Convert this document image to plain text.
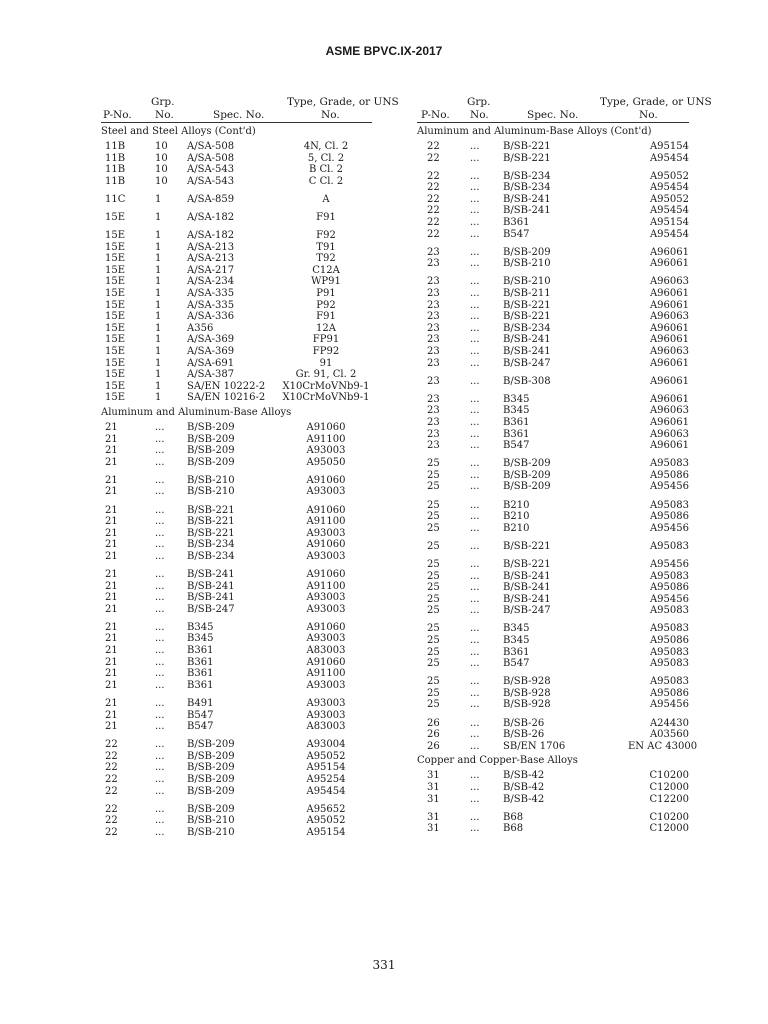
ASME BPVC.IX-2017
Grp.	Type, Grade, or UNS
P-No. No.	Spec. No.	No.
Steel and Steel Alloys (Cont'd)
11B	10 A/SA-508	4N, Cl. 2
11B	10 A/SA-508	5, Cl. 2
11B	10 A/SA-543	B Cl. 2
11B	10 A/SA-543	C Cl. 2
11C	1	A/SA-859	A
15E	1	A/SA-182	F91
15E	1	A/SA-182	F92
15E	1	A/SA-213	T91
15E	1	A/SA-213	T92
15E	1	A/SA-217	C12A
15E	1	A/SA-234	WP91
15E	1	A/SA-335	P91
15E	1	A/SA-335	P92
15E	1	A/SA-336	F91
15E	1	A356	12A
15E	1	A/SA-369	FP91
15E	1	A/SA-369	FP92
15E	1	A/SA-691	91
15E	1	A/SA-387	Gr. 91, Cl. 2
15E	1	SA/EN 10222-2	X10CrMoVNb9-1
15E	1	SA/EN 10216-2	X10CrMoVNb9-1
Aluminum and Aluminum-Base Alloys
21	... B/SB-209	A91060
21	... B/SB-209	A91100
21	... B/SB-209	A93003
21	... B/SB-209	A95050
21	... B/SB-210	A91060
21	... B/SB-210	A93003
21	... B/SB-221	A91060
21	... B/SB-221	A91100
21	... B/SB-221	A93003
21	... B/SB-234	A91060
21	... B/SB-234	A93003
21	... B/SB-241	A91060
21	... B/SB-241	A91100
21	... B/SB-241	A93003
21	... B/SB-247	A93003
21	... B345	A91060
21	... B345	A93003
21	... B361	A83003
21	... B361	A91060
21	... B361	A91100
21	... B361	A93003
21	... B491	A93003
21	... B547	A93003
21	... B547	A83003
22	... B/SB-209	A93004
22	... B/SB-209	A95052
22	... B/SB-209	A95154
22	... B/SB-209	A95254
22	... B/SB-209	A95454
22	... B/SB-209	A95652
22	... B/SB-210	A95052
22	... B/SB-210	A95154
Grp.	Type, Grade, or UNS
P-No. No.	Spec. No.	No.
Aluminum and Aluminum-Base Alloys (Cont'd)
22	... B/SB-221	A95154
22	... B/SB-221	A95454
22	... B/SB-234	A95052
22	... B/SB-234	A95454
22	... B/SB-241	A95052
22	... B/SB-241	A95454
22	... B361	A95154
22	... B547	A95454
23	... B/SB-209	A96061
23	... B/SB-210	A96061
23	... B/SB-210	A96063
23	... B/SB-211	A96061
23	... B/SB-221	A96061
23	... B/SB-221	A96063
23	... B/SB-234	A96061
23	... B/SB-241	A96061
23	... B/SB-241	A96063
23	... B/SB-247	A96061
23	... B/SB-308	A96061
23	... B345	A96061
23	... B345	A96063
23	... B361	A96061
23	... B361	A96063
23	... B547	A96061
25	... B/SB-209	A95083
25	... B/SB-209	A95086
25	... B/SB-209	A95456
25	... B210	A95083
25	... B210	A95086
25	... B210	A95456
25	... B/SB-221	A95083
25	... B/SB-221	A95456
25	... B/SB-241	A95083
25	... B/SB-241	A95086
25	... B/SB-241	A95456
25	... B/SB-247	A95083
25	... B345	A95083
25	... B345	A95086
25	... B361	A95083
25	... B547	A95083
25	... B/SB-928	A95083
25	... B/SB-928	A95086
25	... B/SB-928	A95456
26	... B/SB-26	A24430
26	... B/SB-26	A03560
26	... SB/EN 1706	EN AC 43000
Copper and Copper-Base Alloys
31	... B/SB-42	C10200
31	... B/SB-42	C12000
31	... B/SB-42	C12200
31	... B68	C10200
31	... B68	C12000
331
